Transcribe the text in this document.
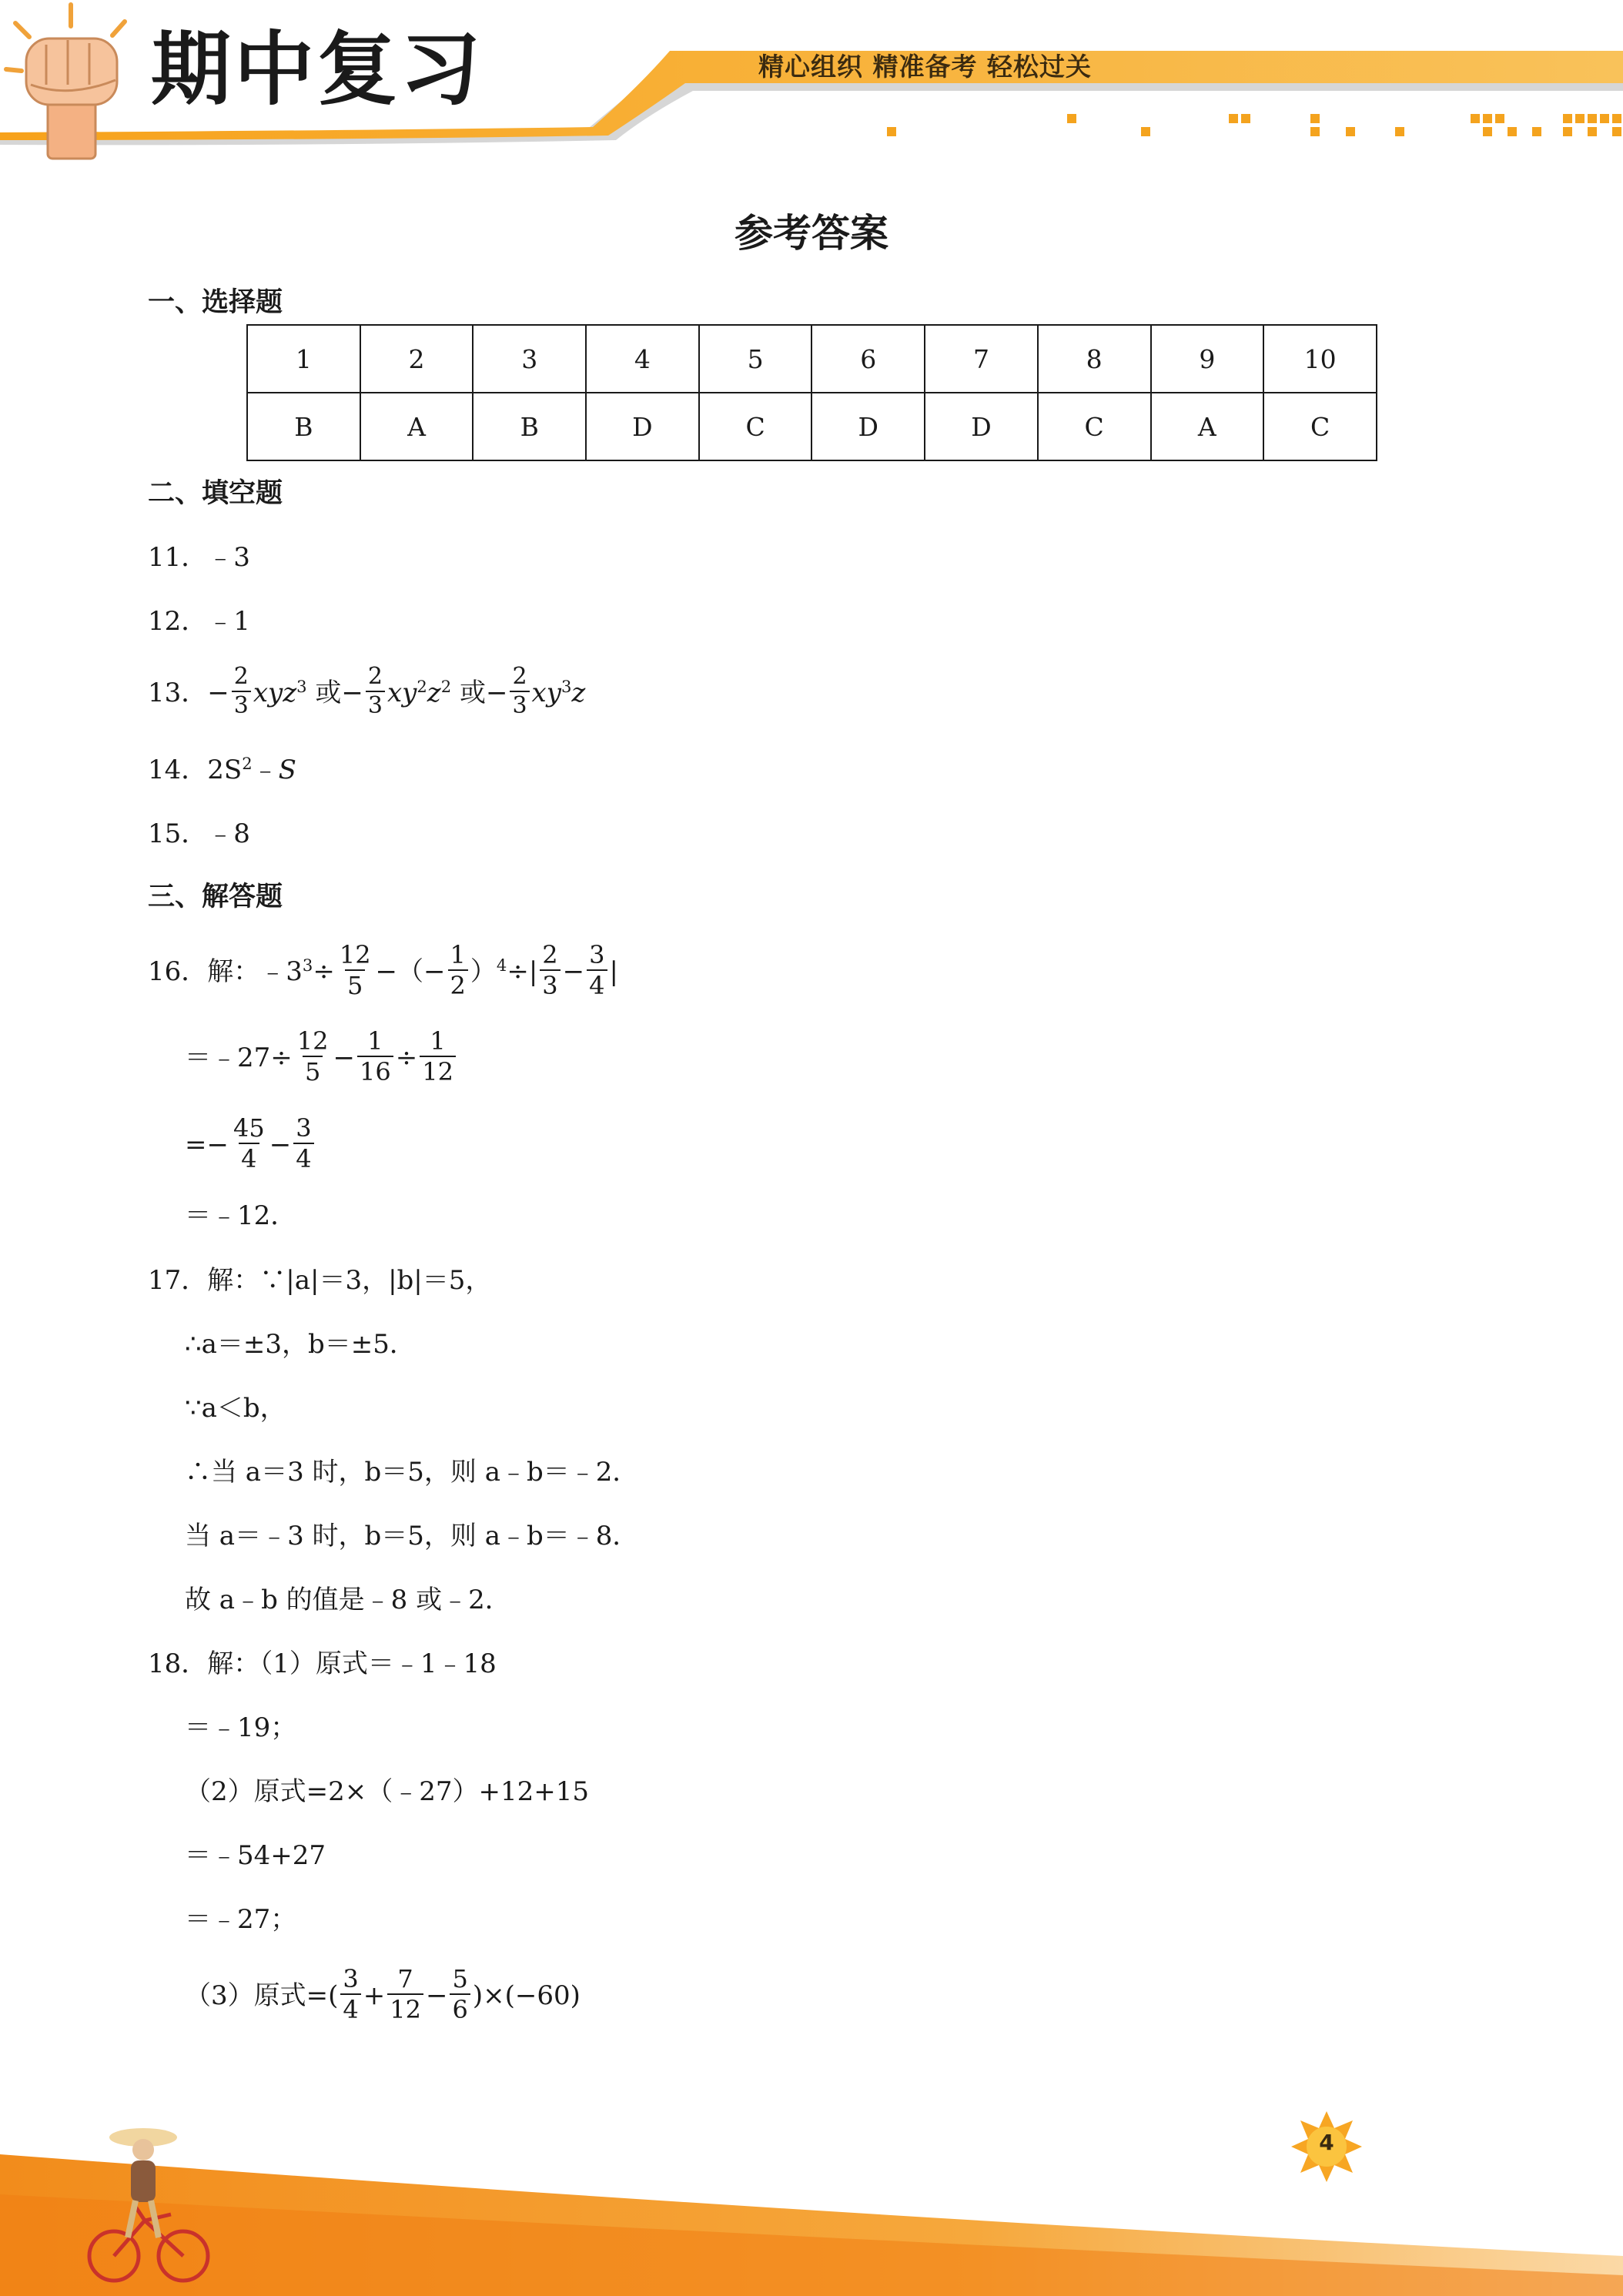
期中复习	精心组织 精准备考 轻松过关
参考答案
一、选择题
1	2	3	4	5	6	7	8	9	10
B	A	B	D	C	D	D	C	A	C
二、填空题
11．﹣3
12．﹣1
13．− $\frac{2}{3} xyz^3$ 或− $\frac{2}{3} xy^2z^2$ 或− $\frac{2}{3} xy^3z$
14．$2S^2﹣S$
15．﹣8
三、解答题
16．解：$﹣3^3\div \frac{12}{5}$ −（− $\frac{1}{2} )^4\div| \frac{2}{3} - \frac{3}{4}$ |
＝﹣27÷ $\frac{12}{5} - \frac{1}{16} \div \frac{1}{12}$
=− $\frac{45}{4} - \frac{3}{4}$
＝﹣12．
17．解：∵|a|＝3，|b|＝5，
∴a＝±3，b＝±5．
∵a＜b，
∴当 a＝3 时，b＝5，则 a﹣b＝﹣2．
当 a＝﹣3 时，b＝5，则 a﹣b＝﹣8．
故 a﹣b 的值是﹣8 或﹣2．
18．解：（1）原式＝﹣1﹣18
＝﹣19；
（2）原式=2×（﹣27）+12+15
＝﹣54+27
＝﹣27；
（3）原式=( $\frac{3}{4} + \frac{7}{12} - \frac{5}{6} )\times(-60)$
4
